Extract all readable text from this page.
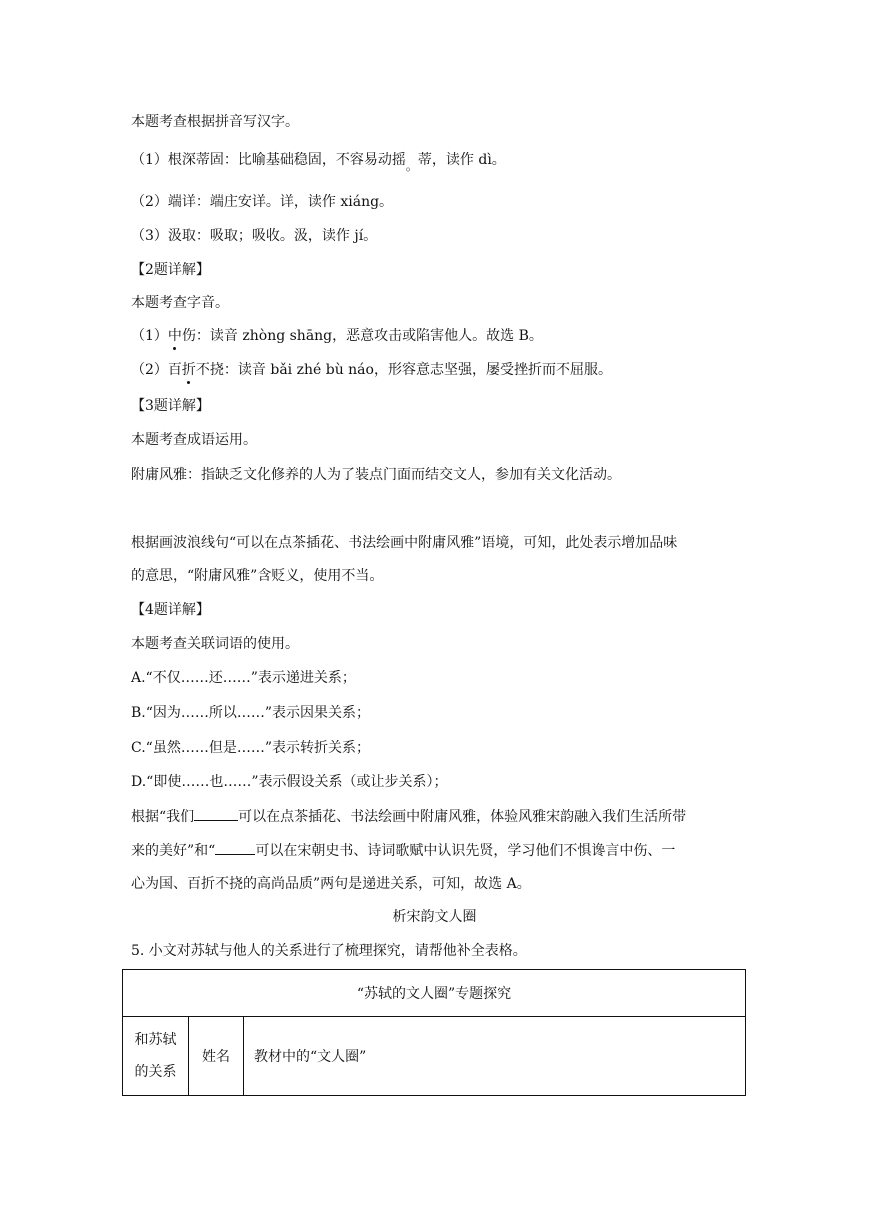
本题考查根据拼音写汉字。
（1）根深蒂固：比喻基础稳固，不容易动摇。蒂，读作 dì。
（2）端详：端庄安详。详，读作 xiáng。
（3）汲取：吸取；吸收。汲，读作 jí。
【2题详解】
本题考查字音。
（1）中伤：读音 zhòng shāng，恶意攻击或陷害他人。故选 B。
（2）百折不挠：读音 bǎi zhé bù náo，形容意志坚强，屡受挫折而不屈服。
【3题详解】
本题考查成语运用。
附庸风雅：指缺乏文化修养的人为了装点门面而结交文人，参加有关文化活动。
根据画波浪线句“可以在点茶插花、书法绘画中附庸风雅”语境，可知，此处表示增加品味
的意思，“附庸风雅”含贬义，使用不当。
【4题详解】
本题考查关联词语的使用。
A.“不仅……还……”表示递进关系；
B.“因为……所以……”表示因果关系；
C.“虽然……但是……”表示转折关系；
D.“即使……也……”表示假设关系（或让步关系）；
根据“我们	可以在点茶插花、书法绘画中附庸风雅，体验风雅宋韵融入我们生活所带
来的美好”和“	可以在宋朝史书、诗词歌赋中认识先贤，学习他们不惧谗言中伤、一
心为国、百折不挠的高尚品质”两句是递进关系，可知，故选 A。
析宋韵文人圈
5. 小文对苏轼与他人的关系进行了梳理探究，请帮他补全表格。
“苏轼的文人圈”专题探究
和苏轼
的关系	姓名	教材中的“文人圈”
